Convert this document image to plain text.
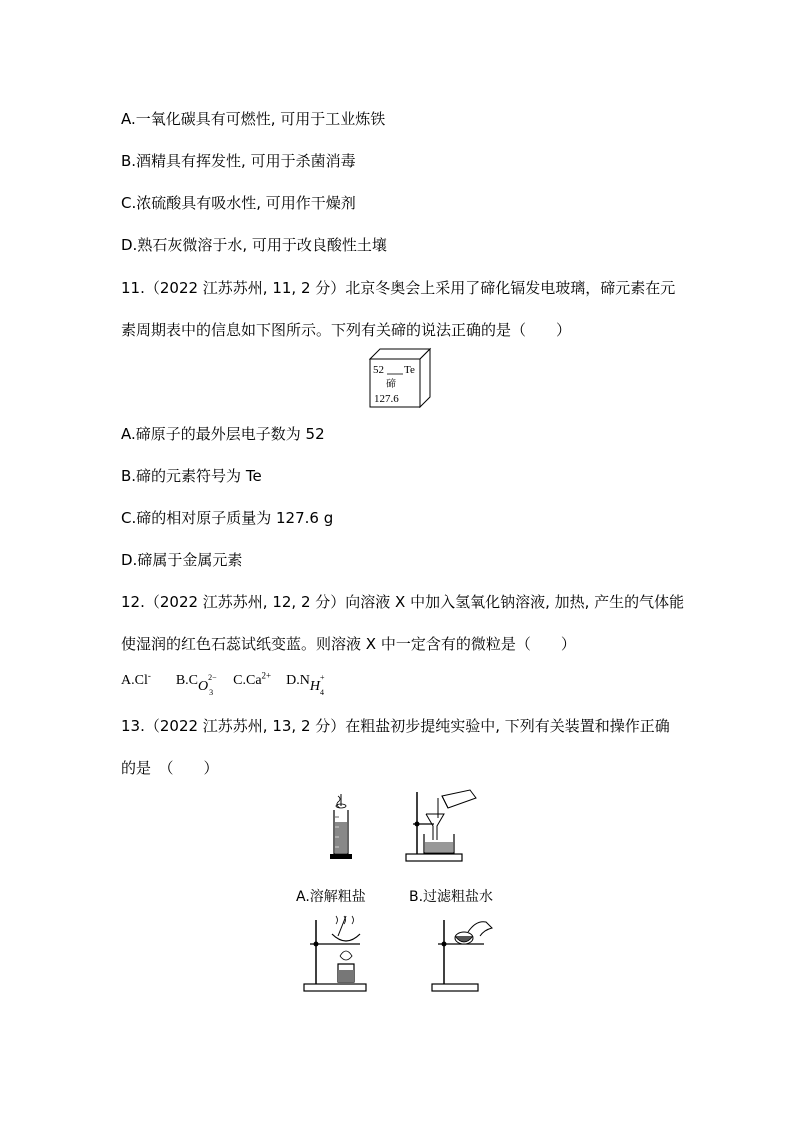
A.一氧化碳具有可燃性, 可用于工业炼铁
B.酒精具有挥发性, 可用于杀菌消毒
C.浓硫酸具有吸水性, 可用作干燥剂
D.熟石灰微溶于水, 可用于改良酸性土壤
11.（2022 江苏苏州, 11, 2 分）北京冬奥会上采用了碲化镉发电玻璃，碲元素在元
素周期表中的信息如下图所示。下列有关碲的说法正确的是（　　）
52 Te
碲
127.6
A.碲原子的最外层电子数为 52
B.碲的元素符号为 Te
C.碲的相对原子质量为 127.6 g
D.碲属于金属元素
12.（2022 江苏苏州, 12, 2 分）向溶液 X 中加入氢氧化钠溶液, 加热, 产生的气体能
使湿润的红色石蕊试纸变蓝。则溶液 X 中一定含有的微粒是（　　）
A.Cl- B.CO
2−
3
$C.Ca^{2+}$ D.NH
+
4
13.（2022 江苏苏州, 13, 2 分）在粗盐初步提纯实验中, 下列有关装置和操作正确
的是　（　　）
A.溶解粗盐	B.过滤粗盐水
